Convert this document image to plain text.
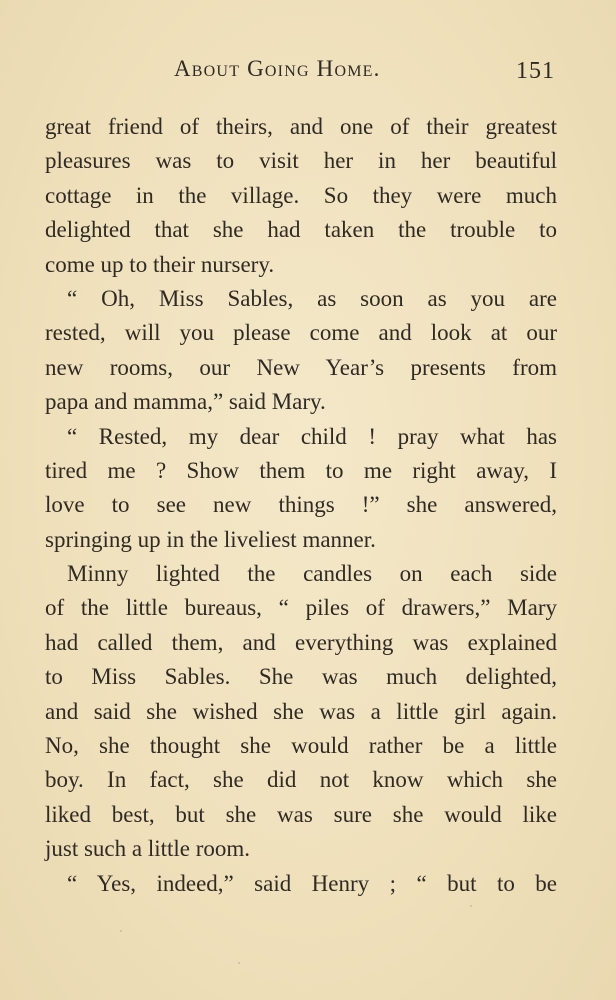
About Going Home.	151
great friend of theirs, and one of their greatest
pleasures was to visit her in her beautiful
cottage in the village. So they were much
delighted that she had taken the trouble to
come up to their nursery.
“ Oh, Miss Sables, as soon as you are
rested, will you please come and look at our
new rooms, our New Year’s presents from
papa and mamma,” said Mary.
“ Rested, my dear child ! pray what has
tired me ? Show them to me right away, I
love to see new things !” she answered,
springing up in the liveliest manner.
Minny lighted the candles on each side
of the little bureaus, “ piles of drawers,” Mary
had called them, and everything was explained
to Miss Sables. She was much delighted,
and said she wished she was a little girl again.
No, she thought she would rather be a little
boy. In fact, she did not know which she
liked best, but she was sure she would like
just such a little room.
“ Yes, indeed,” said Henry ; “ but to be
